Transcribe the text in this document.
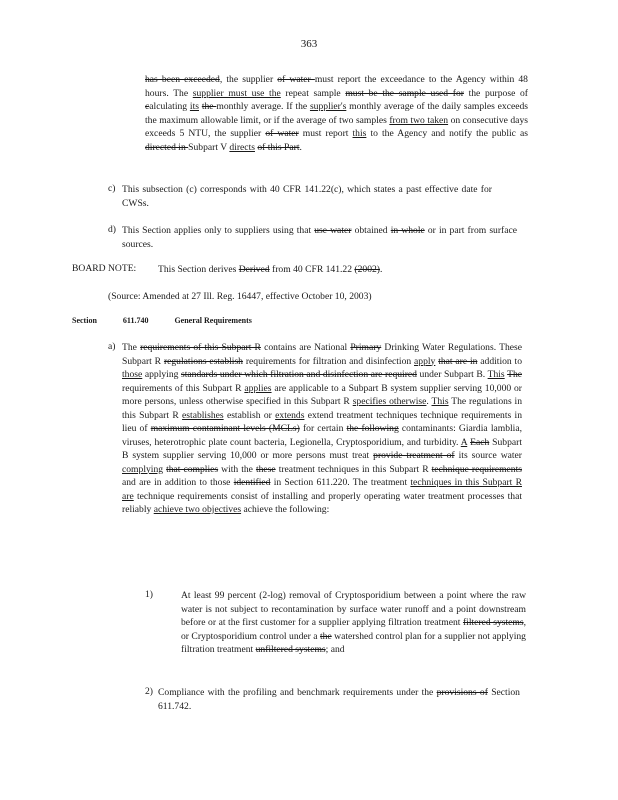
363
has been exceeded, the supplier of water must report the exceedance to the Agency within 48 hours. The supplier must use the repeat sample must be the sample used for the purpose of calculating its the monthly average. If the supplier's monthly average of the daily samples exceeds the maximum allowable limit, or if the average of two samples from two taken on consecutive days exceeds 5 NTU, the supplier of water must report this to the Agency and notify the public as directed in Subpart V directs of this Part.
c) This subsection (c) corresponds with 40 CFR 141.22(c), which states a past effective date for CWSs.
d) This Section applies only to suppliers using that use water obtained in whole or in part from surface sources.
BOARD NOTE: This Section derives Derived from 40 CFR 141.22 (2002).
(Source: Amended at 27 Ill. Reg. 16447, effective October 10, 2003)
Section	611.740	General Requirements
a) The requirements of this Subpart R contains are National Primary Drinking Water Regulations. These Subpart R regulations establish requirements for filtration and disinfection apply that are in addition to those applying standards under which filtration and disinfection are required under Subpart B. This The requirements of this Subpart R applies are applicable to a Subpart B system supplier serving 10,000 or more persons, unless otherwise specified in this Subpart R specifies otherwise. This The regulations in this Subpart R establishes establish or extends extend treatment techniques technique requirements in lieu of maximum contaminant levels (MCLs) for certain the following contaminants: Giardia lamblia, viruses, heterotrophic plate count bacteria, Legionella, Cryptosporidium, and turbidity. A Each Subpart B system supplier serving 10,000 or more persons must treat provide treatment of its source water complying that complies with the these treatment techniques in this Subpart R technique requirements and are in addition to those identified in Section 611.220. The treatment techniques in this Subpart R are technique requirements consist of installing and properly operating water treatment processes that reliably achieve two objectives achieve the following:
1)	At least 99 percent (2-log) removal of Cryptosporidium between a point where the raw water is not subject to recontamination by surface water runoff and a point downstream before or at the first customer for a supplier applying filtration treatment filtered systems, or Cryptosporidium control under a the watershed control plan for a supplier not applying filtration treatment unfiltered systems; and
2) Compliance with the profiling and benchmark requirements under the provisions of Section 611.742.
